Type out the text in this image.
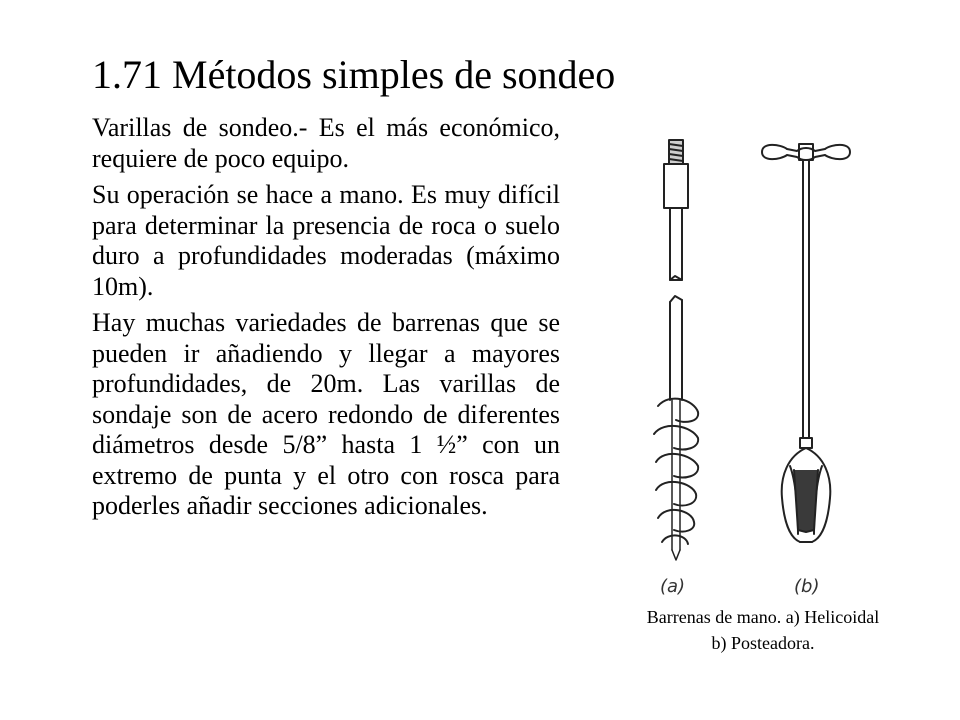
1.71 Métodos simples de sondeo

Varillas de sondeo.- Es el más económico, requiere de poco equipo.

Su operación se hace a mano. Es muy difícil para determinar la presencia de roca o suelo duro a profundidades moderadas (máximo 10m).

Hay muchas variedades de barrenas que se pueden ir añadiendo y llegar a mayores profundidades, de 20m. Las varillas de sondaje son de acero redondo de diferentes diámetros desde 5/8” hasta 1 ½” con un extremo de punta y el otro con rosca para poderles añadir secciones adicionales.

(a)	(b)
Barrenas de mano. a) Helicoidal
b) Posteadora.
